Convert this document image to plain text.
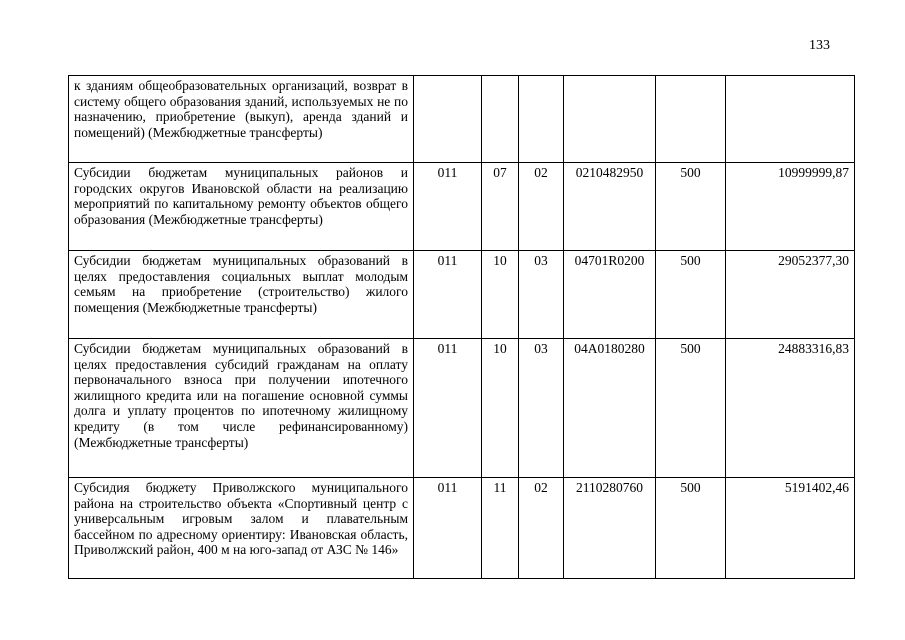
133
к зданиям общеобразовательных организаций, возврат в систему общего образования зданий, используемых не по назначению, приобретение (выкуп), аренда зданий и помещений) (Межбюджетные трансферты)						
Субсидии бюджетам муниципальных районов и городских округов Ивановской области на реализацию мероприятий по капитальному ремонту объектов общего образования (Межбюджетные трансферты)	011	07	02	0210482950	500	10999999,87
Субсидии бюджетам муниципальных образований в целях предоставления социальных выплат молодым семьям на приобретение (строительство) жилого помещения (Межбюджетные трансферты)	011	10	03	04701R0200	500	29052377,30
Субсидии бюджетам муниципальных образований в целях предоставления субсидий гражданам на оплату первоначального взноса при получении ипотечного жилищного кредита или на погашение основной суммы долга и уплату процентов по ипотечному жилищному кредиту (в том числе рефинансированному) (Межбюджетные трансферты)	011	10	03	04А0180280	500	24883316,83
Субсидия бюджету Приволжского муниципального района на строительство объекта «Спортивный центр с универсальным игровым залом и плавательным бассейном по адресному ориентиру: Ивановская область, Приволжский район, 400 м на юго-запад от АЗС № 146»	011	11	02	2110280760	500	5191402,46
